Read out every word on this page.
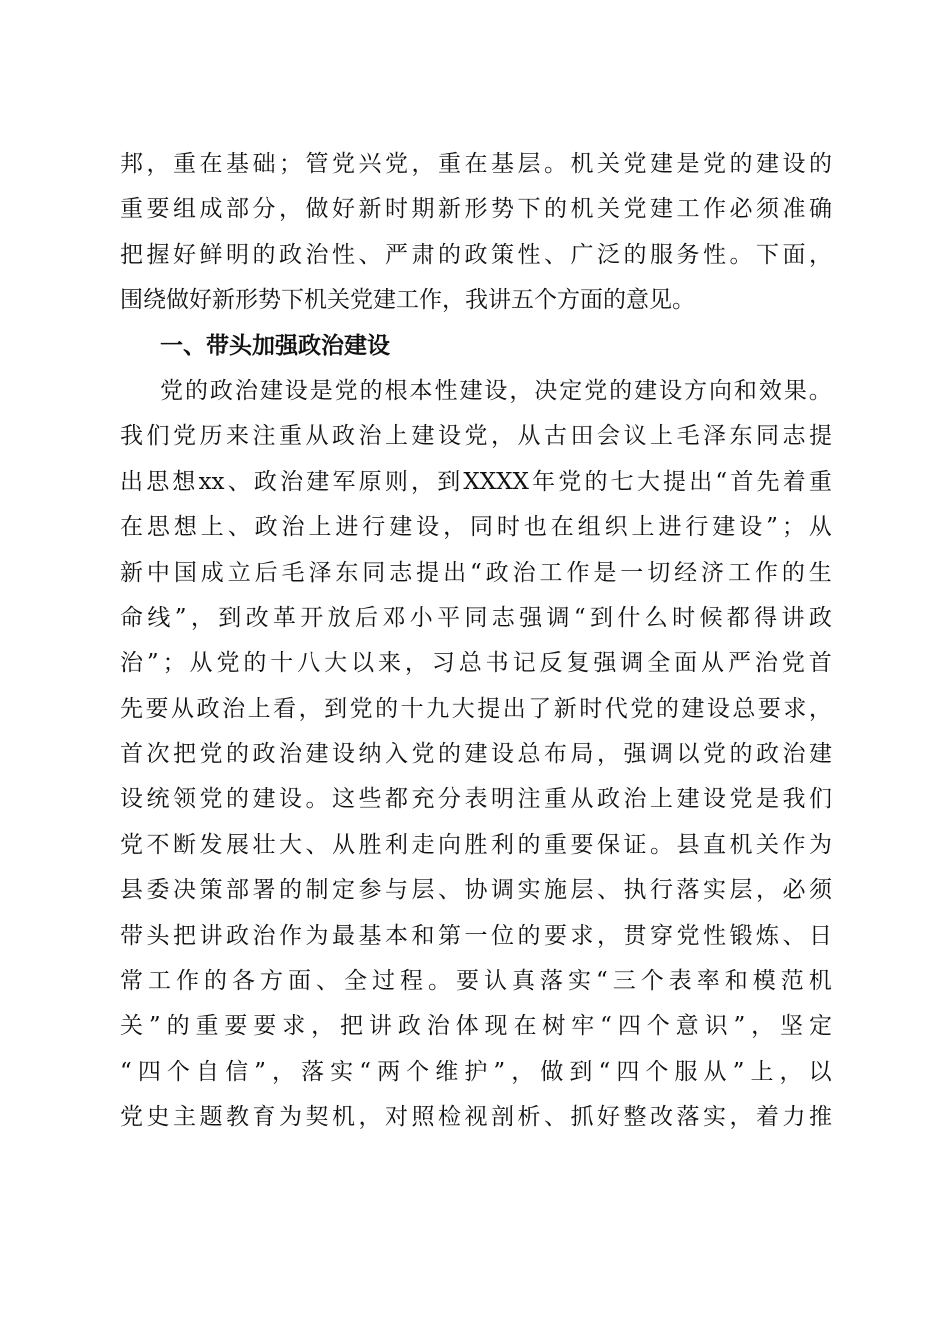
邦 ， 重 在 基 础 ； 管 党 兴 党 ， 重 在 基 层 。 机 关 党 建 是 党 的 建 设 的
重 要 组 成 部 分 ， 做 好 新 时 期 新 形 势 下 的 机 关 党 建 工 作 必 须 准 确
把 握 好 鲜 明 的 政 治 性 、 严 肃 的 政 策 性 、 广 泛 的 服 务 性 。 下 面 ，
围 绕 做 好 新 形 势 下 机 关 党 建 工 作 ， 我 讲 五 个 方 面 的 意 见 。
一、带头加强政治建设
党 的 政 治 建 设 是 党 的 根 本 性 建 设 ， 决 定 党 的 建 设 方 向 和 效 果 。
我 们 党 历 来 注 重 从 政 治 上 建 设 党 ， 从 古 田 会 议 上 毛 泽 东 同 志 提
出 思 想 xx 、 政 治 建 军 原 则 ， 到 XXXX 年 党 的 七 大 提 出 “ 首 先 着 重
在 思 想 上 、 政 治 上 进 行 建 设 ， 同 时 也 在 组 织 上 进 行 建 设 ” ； 从
新 中 国 成 立 后 毛 泽 东 同 志 提 出 “ 政 治 工 作 是 一 切 经 济 工 作 的 生
命 线 ” ， 到 改 革 开 放 后 邓 小 平 同 志 强 调 “ 到 什 么 时 候 都 得 讲 政
治 ” ； 从 党 的 十 八 大 以 来 ， 习 总 书 记 反 复 强 调 全 面 从 严 治 党 首
先 要 从 政 治 上 看 ， 到 党 的 十 九 大 提 出 了 新 时 代 党 的 建 设 总 要 求 ，
首 次 把 党 的 政 治 建 设 纳 入 党 的 建 设 总 布 局 ， 强 调 以 党 的 政 治 建
设 统 领 党 的 建 设 。 这 些 都 充 分 表 明 注 重 从 政 治 上 建 设 党 是 我 们
党 不 断 发 展 壮 大 、 从 胜 利 走 向 胜 利 的 重 要 保 证 。 县 直 机 关 作 为
县 委 决 策 部 署 的 制 定 参 与 层 、 协 调 实 施 层 、 执 行 落 实 层 ， 必 须
带 头 把 讲 政 治 作 为 最 基 本 和 第 一 位 的 要 求 ， 贯 穿 党 性 锻 炼 、 日
常 工 作 的 各 方 面 、 全 过 程 。 要 认 真 落 实 “ 三 个 表 率 和 模 范 机
关 ” 的 重 要 要 求 ， 把 讲 政 治 体 现 在 树 牢 “ 四 个 意 识 ” ， 坚 定
“ 四 个 自 信 ” ， 落 实 “ 两 个 维 护 ” ， 做 到 “ 四 个 服 从 ” 上 ， 以
党 史 主 题 教 育 为 契 机 ， 对 照 检 视 剖 析 、 抓 好 整 改 落 实 ， 着 力 推
